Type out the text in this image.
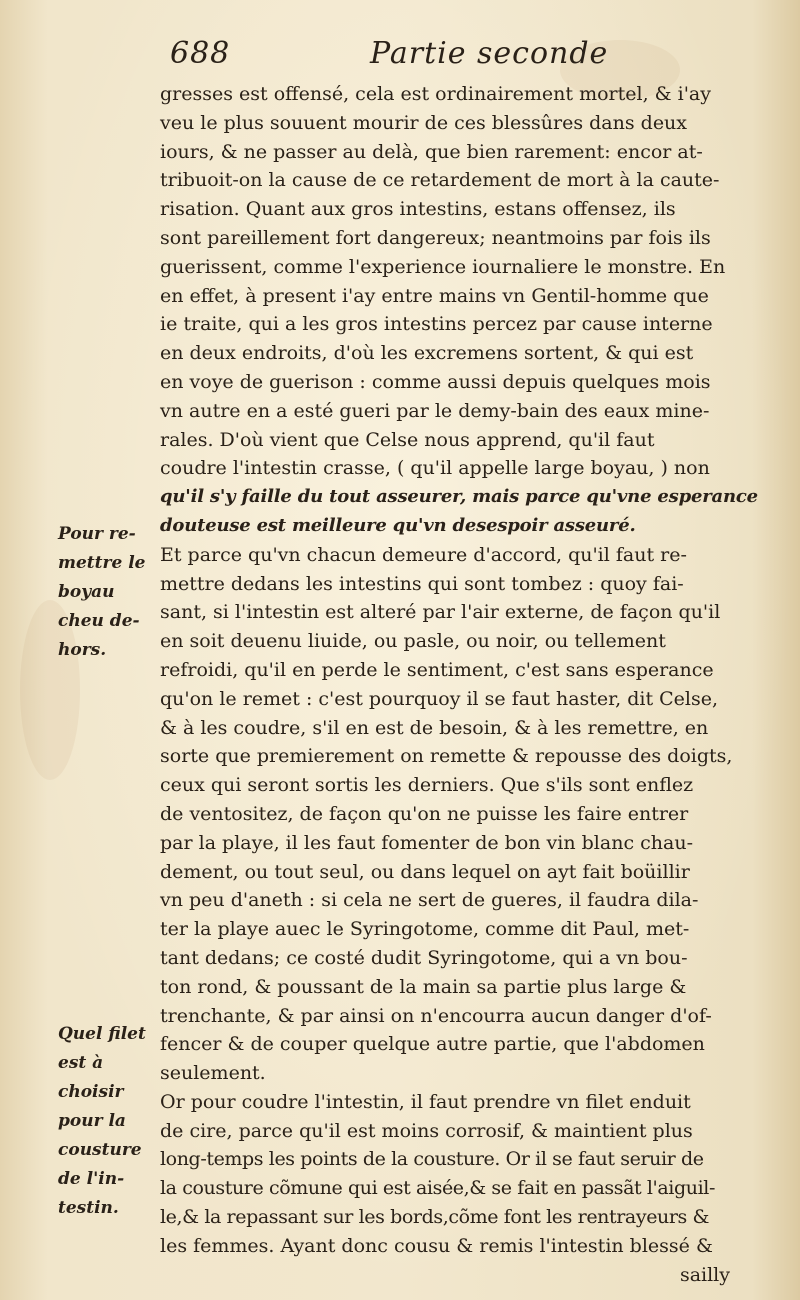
688	Partie seconde
gresses est offensé, cela est ordinairement mortel, & i'ay
veu le plus souuent mourir de ces blessûres dans deux
iours, & ne passer au delà, que bien rarement: encor at-
tribuoit-on la cause de ce retardement de mort à la caute-
risation. Quant aux gros intestins, estans offensez, ils
sont pareillement fort dangereux; neantmoins par fois ils
guerissent, comme l'experience iournaliere le monstre. En
en effet, à present i'ay entre mains vn Gentil-homme que
ie traite, qui a les gros intestins percez par cause interne
en deux endroits, d'où les excremens sortent, & qui est
en voye de guerison : comme aussi depuis quelques mois
vn autre en a esté gueri par le demy-bain des eaux mine-
rales. D'où vient que Celse nous apprend, qu'il faut
coudre l'intestin crasse, ( qu'il appelle large boyau, ) non
qu'il s'y faille du tout asseurer, mais parce qu'vne esperance
douteuse est meilleure qu'vn desespoir asseuré.
Et parce qu'vn chacun demeure d'accord, qu'il faut re-
mettre dedans les intestins qui sont tombez : quoy fai-
sant, si l'intestin est alteré par l'air externe, de façon qu'il
en soit deuenu liuide, ou pasle, ou noir, ou tellement
refroidi, qu'il en perde le sentiment, c'est sans esperance
qu'on le remet : c'est pourquoy il se faut haster, dit Celse,
& à les coudre, s'il en est de besoin, & à les remettre, en
sorte que premierement on remette & repousse des doigts,
ceux qui seront sortis les derniers. Que s'ils sont enflez
de ventositez, de façon qu'on ne puisse les faire entrer
par la playe, il les faut fomenter de bon vin blanc chau-
dement, ou tout seul, ou dans lequel on ayt fait boüillir
vn peu d'aneth : si cela ne sert de gueres, il faudra dila-
ter la playe auec le Syringotome, comme dit Paul, met-
tant dedans; ce costé dudit Syringotome, qui a vn bou-
ton rond, & poussant de la main sa partie plus large &
trenchante, & par ainsi on n'encourra aucun danger d'of-
fencer & de couper quelque autre partie, que l'abdomen
seulement.
Or pour coudre l'intestin, il faut prendre vn filet enduit
de cire, parce qu'il est moins corrosif, & maintient plus
long-temps les points de la cousture. Or il se faut seruir de
la cousture cõmune qui est aisée,& se fait en passãt l'aiguil-
le,& la repassant sur les bords,cõme font les rentrayeurs &
les femmes. Ayant donc cousu & remis l'intestin blessé &
sailly
Pour re-
mettre le
boyau
cheu de-
hors.
Quel filet
est à
choisir
pour la
cousture
de l'in-
testin.
